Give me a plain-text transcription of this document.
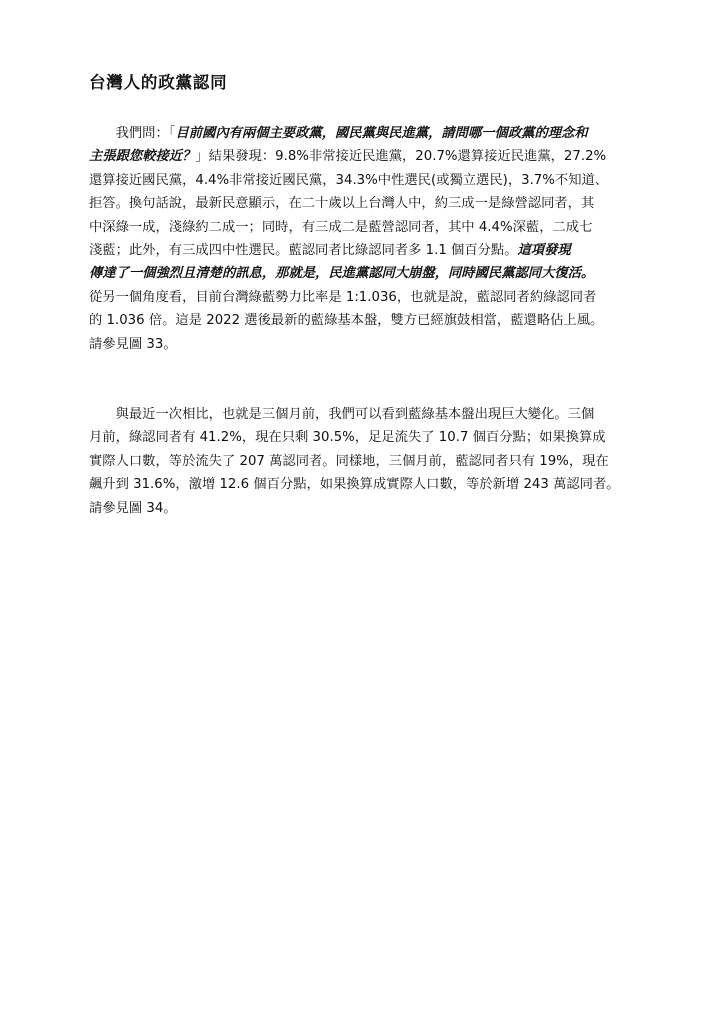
台灣人的政黨認同
　　我們問：「目前國內有兩個主要政黨，國民黨與民進黨，請問哪一個政黨的理念和
主張跟您較接近？」結果發現：9.8%非常接近民進黨，20.7%還算接近民進黨，27.2%
還算接近國民黨，4.4%非常接近國民黨，34.3%中性選民(或獨立選民)，3.7%不知道、
拒答。換句話說，最新民意顯示，在二十歲以上台灣人中，約三成一是綠營認同者，其
中深綠一成，淺綠約二成一；同時，有三成二是藍營認同者，其中 4.4%深藍，二成七
淺藍；此外，有三成四中性選民。藍認同者比綠認同者多 1.1 個百分點。這項發現
傳達了一個強烈且清楚的訊息，那就是，民進黨認同大崩盤，同時國民黨認同大復活。
從另一個角度看，目前台灣綠藍勢力比率是 1:1.036，也就是說，藍認同者約綠認同者
的 1.036 倍。這是 2022 選後最新的藍綠基本盤，雙方已經旗鼓相當，藍還略佔上風。
請參見圖 33。
　　與最近一次相比，也就是三個月前，我們可以看到藍綠基本盤出現巨大變化。三個
月前，綠認同者有 41.2%，現在只剩 30.5%，足足流失了 10.7 個百分點；如果換算成
實際人口數，等於流失了 207 萬認同者。同樣地，三個月前，藍認同者只有 19%，現在
飆升到 31.6%，激增 12.6 個百分點，如果換算成實際人口數，等於新增 243 萬認同者。
請參見圖 34。
